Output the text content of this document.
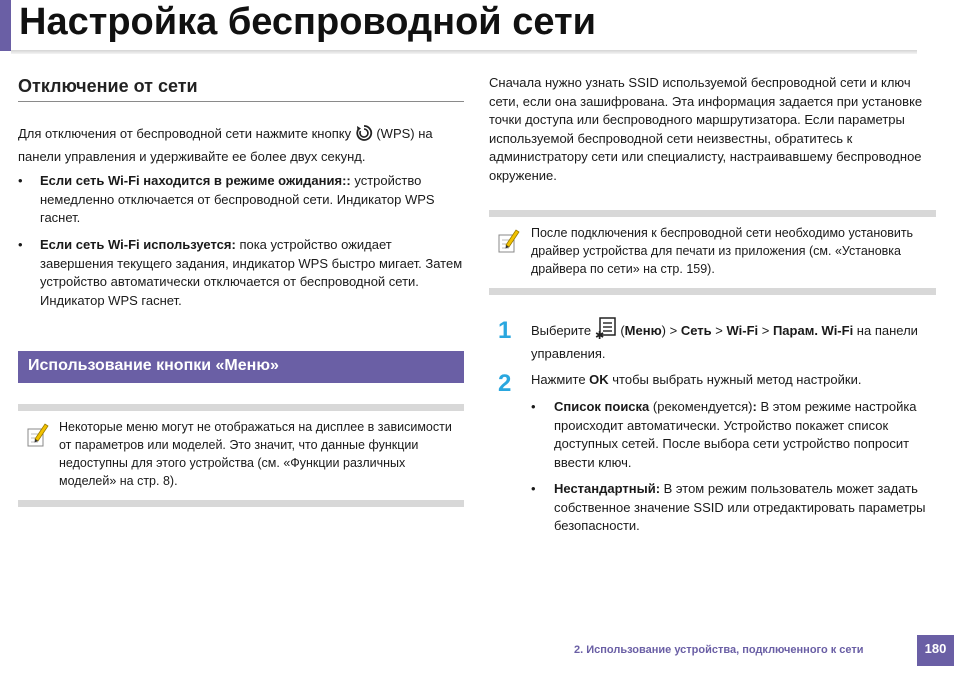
Настройка беспроводной сети
Отключение от сети

Для отключения от беспроводной сети нажмите кнопку (WPS) на
панели управления и удерживайте ее более двух секунд.

• Если сеть Wi-Fi находится в режиме ожидания:: устройство немедленно отключается от беспроводной сети. Индикатор WPS гаснет.
• Если сеть Wi-Fi используется: пока устройство ожидает завершения текущего задания, индикатор WPS быстро мигает. Затем устройство автоматически отключается от беспроводной сети. Индикатор WPS гаснет.
Использование кнопки «Меню»
Некоторые меню могут не отображаться на дисплее в зависимости от параметров или моделей. Это значит, что данные функции недоступны для этого устройства (см. «Функции различных моделей» на стр. 8).

Сначала нужно узнать SSID используемой беспроводной сети и ключ сети, если она зашифрована. Эта информация задается при установке точки доступа или беспроводного маршрутизатора. Если параметры используемой беспроводной сети неизвестны, обратитесь к администратору сети или специалисту, настраивавшему беспроводное окружение.

После подключения к беспроводной сети необходимо установить драйвер устройства для печати из приложения (см. «Установка драйвера по сети» на стр. 159).
1 Выберите ✱ (Меню) > Сеть > Wi-Fi > Парам. Wi-Fi на панели управления.
2 Нажмите OK чтобы выбрать нужный метод настройки.
• Список поиска (рекомендуется): В этом режиме настройка происходит автоматически. Устройство покажет список доступных сетей. После выбора сети устройство попросит ввести ключ.
• Нестандартный: В этом режим пользователь может задать собственное значение SSID или отредактировать параметры безопасности.
2. Использование устройства, подключенного к сети	180
